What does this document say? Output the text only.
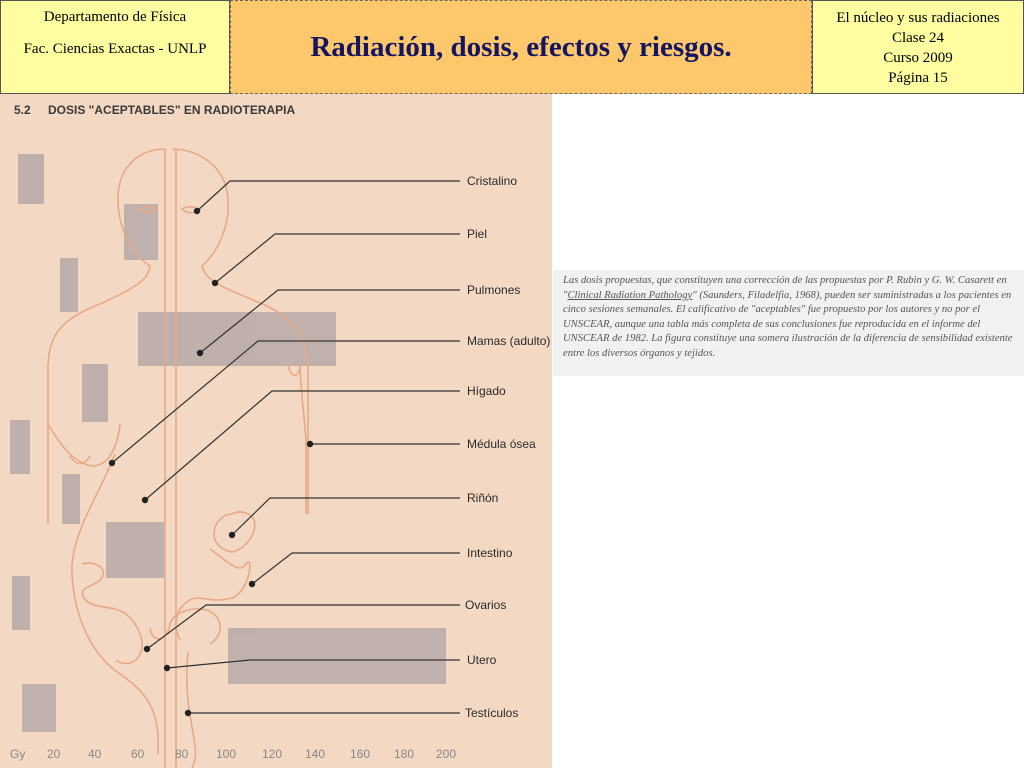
Departamento de Física
Fac. Ciencias Exactas - UNLP	Radiación, dosis, efectos y riesgos.
El núcleo y sus radiaciones
Clase 24
Curso 2009
Página 15
5.2 DOSIS "ACEPTABLES" EN RADIOTERAPIA
Cristalino
Piel
Pulmones
Mamas (adulto)
Hígado
Médula ósea
Riñón
Intestino
Ovarios
Utero
Testículos
Gy 20 40 60	80 100 120 140 160 180 200
Las dosis propuestas, que constituyen una corrección de las propuestas por P. Rubin y G. W. Casarett en "Clinical Radiation Pathology" (Saunders, Filadelfia, 1968), pueden ser suministradas a los pacientes en cinco sesiones semanales. El calificativo de "aceptables" fue propuesto por los autores y no por el UNSCEAR, aunque una tabla más completa de sus conclusiones fue reproducida en el informe del UNSCEAR de 1982. La figura constituye una somera ilustración de la diferencia de sensibilidad existente entre los diversos órganos y tejidos.
